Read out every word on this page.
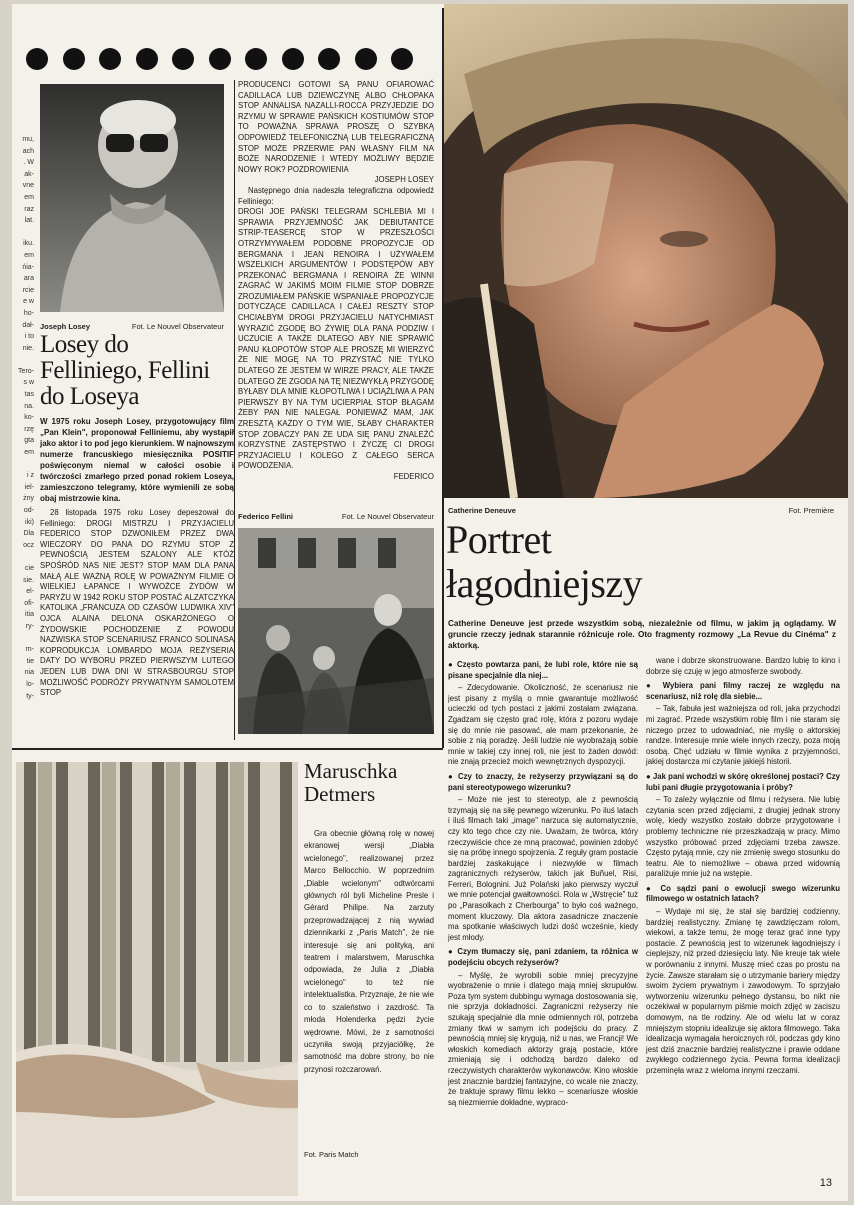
mu,
ach
. W
ak-
vne
em
raz
lat.
iku.
em
ńia-
ara
rcie
e w
ho-
dał-
i to
nie.
Tero-
s w
tas
na.
ko-
rzę
gta
em
i z
iel-
żny
od-
iki)
Dla
ocz
cie
sie.
el-
ofi-
itia
ry-
rn-
tie
nia
lo-
ty-
Joseph Losey	Fot. Le Nouvel Observateur
Losey do Felliniego, Fellini do Loseya

W 1975 roku Joseph Losey, przygotowujący film „Pan Klein", proponował Felliniemu, aby wystąpił jako aktor i to pod jego kierunkiem. W najnowszym numerze francuskiego miesięcznika POSITIF poświęconym niemal w całości osobie i twórczości zmarłego przed ponad rokiem Loseya, zamieszczono telegramy, które wymienili ze sobą obaj mistrzowie kina.

28 listopada 1975 roku Losey depeszował do Felliniego: DROGI MISTRZU I PRZYJACIELU FEDERICO STOP DZWONIŁEM PRZEZ DWA WIECZORY DO PANA DO RZYMU STOP Z PEWNOŚCIĄ JESTEM SZALONY ALE KTÓŻ SPOŚRÓD NAS NIE JEST? STOP MAM DLA PANA MAŁĄ ALE WAŻNĄ ROLĘ W POWAŻNYM FILMIE O WIELKIEJ ŁAPANCE I WYWOŻCE ŻYDÓW W PARYŻU W 1942 ROKU STOP POSTAĆ ALZATCZYKA KATOLIKA „FRANCUZA OD CZASÓW LUDWIKA XIV" OJCA ALAINA DELONA OSKARŻONEGO O ŻYDOWSKIE POCHODZENIE Z POWODU NAZWISKA STOP SCENARIUSZ FRANCO SOLINASA KOPRODUKCJA LOMBARDO MOJA REŻYSERIA DATY DO WYBORU PRZED PIERWSZYM LUTEGO JEDEN LUB DWA DNI W STRASBOURGU STOP MOŻLIWOŚĆ PODRÓŻY PRYWATNYM SAMOLOTEM STOP

PRODUCENCI GOTOWI SĄ PANU OFIAROWAĆ CADILLACA LUB DZIEWCZYNĘ ALBO CHŁOPAKA STOP ANNALISA NAZALLI-ROCCA PRZYJEDZIE DO RZYMU W SPRAWIE PAŃSKICH KOSTIUMÓW STOP TO POWAŻNA SPRAWA PROSZĘ O SZYBKĄ ODPOWIEDŹ TELEFONICZNĄ LUB TELEGRAFICZNĄ STOP MOŻE PRZERWIE PAN WŁASNY FILM NA BOŻE NARODZENIE I WTEDY MOŻLIWY BĘDZIE NOWY ROK? POZDROWIENIA

JOSEPH LOSEY

Następnego dnia nadeszła telegraficzna odpowiedź Felliniego:

DROGI JOE PAŃSKI TELEGRAM SCHLEBIA MI I SPRAWIA PRZYJEMNOŚĆ JAK DEBIUTANTCE STRIP-TEASERCĘ STOP W PRZESZŁOŚCI OTRZYMYWAŁEM PODOBNE PROPOZYCJE OD BERGMANA I JEAN RENOIRA I UŻYWAŁEM WSZELKICH ARGUMENTÓW I PODSTĘPÓW ABY PRZEKONAĆ BERGMANA I RENOIRA ŻE WINNI ZAGRAĆ W JAKIMŚ MOIM FILMIE STOP DOBRZE ZROZUMIAŁEM PAŃSKIE WSPANIAŁE PROPOZYCJE DOTYCZĄCE CADILLACA I CAŁEJ RESZTY STOP CHCIAŁBYM DROGI PRZYJACIELU NATYCHMIAST WYRAZIĆ ZGODĘ BO ŻYWIĘ DLA PANA PODZIW I UCZUCIE A TAKŻE DLATEGO ABY NIE SPRAWIĆ PANU KŁOPOTÓW STOP ALE PROSZĘ MI WIERZYĆ ŻE NIE MOGĘ NA TO PRZYSTAĆ NIE TYLKO DLATEGO ŻE JESTEM W WIRZE PRACY, ALE TAKŻE DLATEGO ŻE ZGODA NA TĘ NIEZWYKŁĄ PRZYGODĘ BYŁABY DLA MNIE KŁOPOTLIWA I UCIĄŻLIWA A PAN PIERWSZY BY NA TYM UCIERPIAŁ STOP BŁAGAM ŻEBY PAN NIE NALEGAŁ PONIEWAŻ MAM, JAK ZRESZTĄ KAŻDY O TYM WIE, SŁABY CHARAKTER STOP ZOBACZY PAN ŻE UDA SIĘ PANU ZNALEŹĆ KORZYSTNE ZASTĘPSTWO I ŻYCZĘ CI DROGI PRZYJACIELU I KOLEGO Z CAŁEGO SERCA POWODZENIA.

FEDERICO

Federico Fellini	Fot. Le Nouvel Observateur
Fot. Paris Match
Maruschka Detmers

Gra obecnie główną rolę w nowej ekranowej wersji „Diabła wcielonego", realizowanej przez Marco Bellocchio. W poprzednim „Diable wcielonym" odtwórcami głównych ról byli Micheline Presle i Gérard Philipe. Na zarzuty przeprowadzającej z nią wywiad dziennikarki z „Paris Match", że nie interesuje się ani polityką, ani teatrem i malarstwem, Maruschka odpowiada, że Julia z „Diabła wcielonego" to też nie intelektualistka. Przyznaje, że nie wie co to szaleństwo i zazdrość. Ta młoda Holenderka pędzi życie wędrowne. Mówi, że z samotności uczyniła swoją przyjaciółkę, że samotność ma dobre strony, bo nie przynosi rozczarowań.

Catherine Deneuve	Fot. Première
Portret łagodniejszy

Catherine Deneuve jest przede wszystkim sobą, niezależnie od filmu, w jakim ją oglądamy. W gruncie rzeczy jednak starannie różnicuje role. Oto fragmenty rozmowy „La Revue du Cinéma" z aktorką.

● Często powtarza pani, że lubi role, które nie są pisane specjalnie dla niej...

– Zdecydowanie. Okoliczność, że scenariusz nie jest pisany z myślą o mnie gwarantuje możliwość ucieczki od tych postaci z jakimi zostałam związana. Zgadzam się często grać rolę, która z pozoru wydaje się do mnie nie pasować, ale mam przekonanie, że sobie z nią poradzę. Jeśli ludzie nie wyobrażają sobie mnie w takiej czy innej roli, nie jest to żaden dowód: nie znają przecież moich wewnętrznych dyspozycji.

● Czy to znaczy, że reżyserzy przywiązani są do pani stereotypowego wizerunku?

– Może nie jest to stereotyp, ale z pewnością trzymają się na siłę pewnego wizerunku. Po iluś latach i iluś filmach taki „image" narzuca się automatycznie, czy kto tego chce czy nie. Uważam, że twórca, który rzeczywiście chce ze mną pracować, powinien zdobyć się na próbę innego spojrzenia. Z reguły gram postacie bardziej zaskakujące i niezwykłe w filmach zagranicznych reżyserów, takich jak Buñuel, Risi, Ferreri, Bolognini. Już Polański jako pierwszy wyczuł we mnie potencjał gwałtowności. Rola w „Wstręcie" tuż po „Parasolkach z Cherbourga" to było coś ważnego, moment kluczowy. Dla aktora zasadnicze znaczenie ma spotkanie właściwych ludzi dość wcześnie, kiedy jest młody.

● Czym tłumaczy się, pani zdaniem, ta różnica w podejściu obcych reżyserów?

– Myślę, że wyrobili sobie mniej precyzyjne wyobrażenie o mnie i dlatego mają mniej skrupułów. Poza tym system dubbingu wymaga dostosowania się, nie sprzyja dokładności. Zagraniczni reżyserzy nie szukają specjalnie dla mnie odmiennych ról, potrzeba zmiany tkwi w samym ich podejściu do pracy. Z pewnością mniej się krygują, niż u nas, we Francji! We włoskich komediach aktorzy grają postacie, które zmieniają się i odchodzą bardzo daleko od rzeczywistych charakterów wykonawców. Kino włoskie jest znacznie bardziej fantazyjne, co wcale nie znaczy, że traktuje sprawy filmu lekko – scenariusze włoskie są niezmiernie dokładne, wypraco-

wane i dobrze skonstruowane. Bardzo lubię to kino i dobrze się czuję w jego atmosferze swobody.

● Wybiera pani filmy raczej ze względu na scenariusz, niż rolę dla siebie...

– Tak, fabuła jest ważniejsza od roli, jaka przychodzi mi zagrać. Przede wszystkim robię film i nie staram się niczego przez to udowadniać, nie myślę o aktorskiej randze. Interesuje mnie wiele innych rzeczy, poza moją osobą. Chęć udziału w filmie wynika z przyjemności, jakiej dostarcza mi czytanie jakiejś historii.

● Jak pani wchodzi w skórę określonej postaci? Czy lubi pani długie przygotowania i próby?

– To zależy wyłącznie od filmu i reżysera. Nie lubię czytania scen przed zdjęciami, z drugiej jednak strony wolę, kiedy wszystko zostało dobrze przygotowane i problemy techniczne nie przeszkadzają w pracy. Mimo wszystko próbować przed zdjęciami trzeba zawsze. Często pytają mnie, czy nie zmienię swego stosunku do teatru. Ale to niemożliwe – obawa przed widownią paraliżuje mnie już na wstępie.

● Co sądzi pani o ewolucji swego wizerunku filmowego w ostatnich latach?

– Wydaje mi się, że stał się bardziej codzienny, bardziej realistyczny. Zmianę tę zawdzięczam rolom, wiekowi, a także temu, że mogę teraz grać inne typy postacie. Z pewnością jest to wizerunek łagodniejszy i cieplejszy, niż przed dziesięciu laty. Nie kreuje tak wiele w porównaniu z innymi. Muszę mieć czas po prostu na życie. Zawsze starałam się o utrzymanie bariery między swoim życiem prywatnym i zawodowym. To sprzyjało wytworzeniu wizerunku pełnego dystansu, bo nikt nie oczekiwał w popularnym piśmie moich zdjęć w zaciszu domowym, na tle rodziny. Ale od wielu lat w coraz mniejszym stopniu idealizuje się aktora filmowego. Taka idealizacja wymagała heroicznych ról, podczas gdy kino jest dziś znacznie bardziej realistyczne i prawie oddane zwykłego codziennego życia. Pewna forma idealizacji przeminęła wraz z wieloma innymi rzeczami.

13
